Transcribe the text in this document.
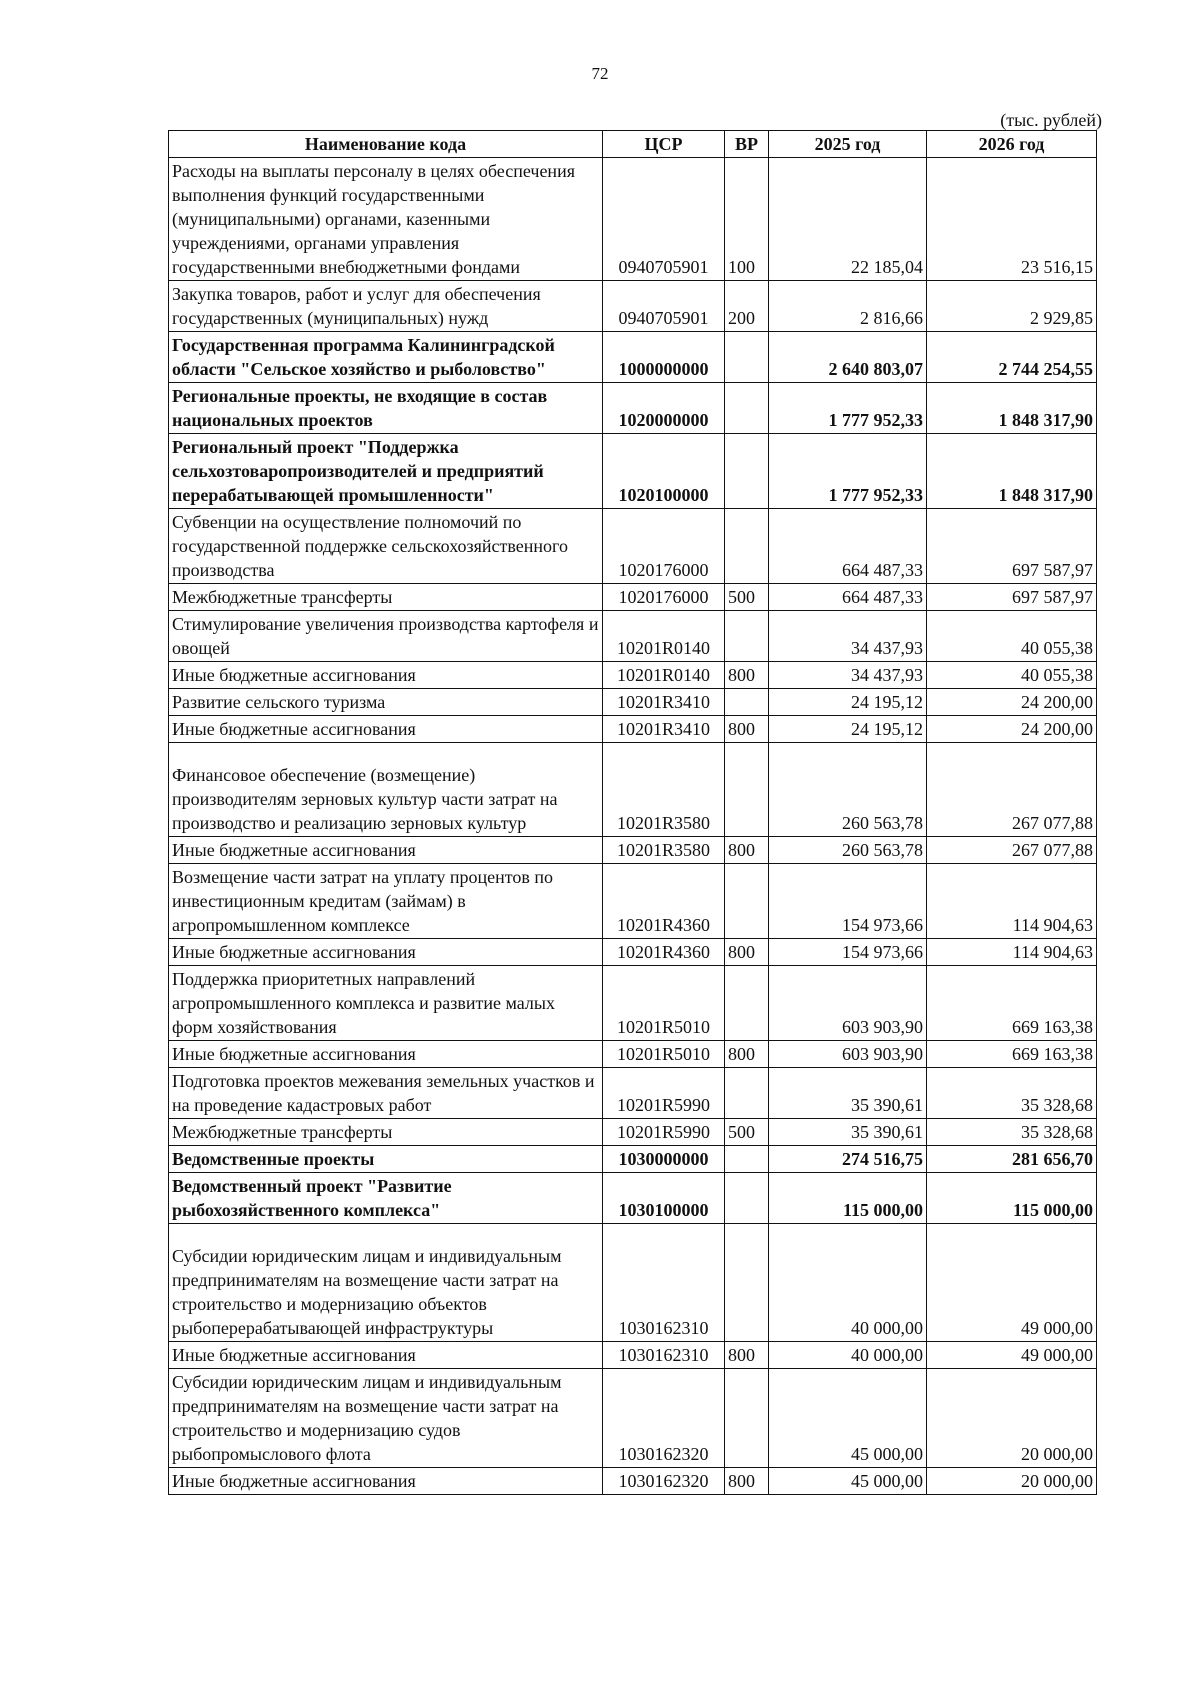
72
(тыс. рублей)
Наименование кода	ЦСР	ВР	2025 год	2026 год
Расходы на выплаты персоналу в целях обеспечения выполнения функций государственными (муниципальными) органами, казенными учреждениями, органами управления государственными внебюджетными фондами	0940705901	100	22 185,04	23 516,15
Закупка товаров, работ и услуг для обеспечения государственных (муниципальных) нужд	0940705901	200	2 816,66	2 929,85
Государственная программа Калининградской области "Сельское хозяйство и рыболовство"	1000000000		2 640 803,07	2 744 254,55
Региональные проекты, не входящие в состав национальных проектов	1020000000		1 777 952,33	1 848 317,90
Региональный проект "Поддержка сельхозтоваропроизводителей и предприятий перерабатывающей промышленности"	1020100000		1 777 952,33	1 848 317,90
Субвенции на осуществление полномочий по государственной поддержке сельскохозяйственного производства	1020176000		664 487,33	697 587,97
Межбюджетные трансферты	1020176000	500	664 487,33	697 587,97
Стимулирование увеличения производства картофеля и овощей	10201R0140		34 437,93	40 055,38
Иные бюджетные ассигнования	10201R0140	800	34 437,93	40 055,38
Развитие сельского туризма	10201R3410		24 195,12	24 200,00
Иные бюджетные ассигнования	10201R3410	800	24 195,12	24 200,00
Финансовое обеспечение (возмещение) производителям зерновых культур части затрат на производство и реализацию зерновых культур	10201R3580		260 563,78	267 077,88
Иные бюджетные ассигнования	10201R3580	800	260 563,78	267 077,88
Возмещение части затрат на уплату процентов по инвестиционным кредитам (займам) в агропромышленном комплексе	10201R4360		154 973,66	114 904,63
Иные бюджетные ассигнования	10201R4360	800	154 973,66	114 904,63
Поддержка приоритетных направлений агропромышленного комплекса и развитие малых форм хозяйствования	10201R5010		603 903,90	669 163,38
Иные бюджетные ассигнования	10201R5010	800	603 903,90	669 163,38
Подготовка проектов межевания земельных участков и на проведение кадастровых работ	10201R5990		35 390,61	35 328,68
Межбюджетные трансферты	10201R5990	500	35 390,61	35 328,68
Ведомственные проекты	1030000000		274 516,75	281 656,70
Ведомственный проект "Развитие рыбохозяйственного комплекса"	1030100000		115 000,00	115 000,00
Субсидии юридическим лицам и индивидуальным предпринимателям на возмещение части затрат на строительство и модернизацию объектов рыбоперерабатывающей инфраструктуры	1030162310		40 000,00	49 000,00
Иные бюджетные ассигнования	1030162310	800	40 000,00	49 000,00
Субсидии юридическим лицам и индивидуальным предпринимателям на возмещение части затрат на строительство и модернизацию судов рыбопромыслового флота	1030162320		45 000,00	20 000,00
Иные бюджетные ассигнования	1030162320	800	45 000,00	20 000,00
